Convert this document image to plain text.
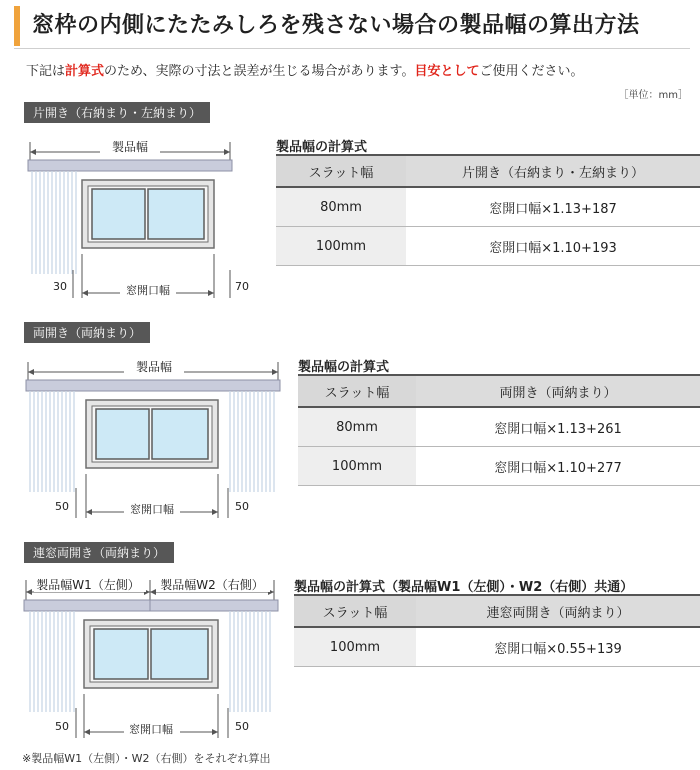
窓枠の内側にたたみしろを残さない場合の製品幅の算出方法
下記は計算式のため、実際の寸法と誤差が生じる場合があります。目安としてご使用ください。
［単位：mm］
片開き（右納まり・左納まり）
製品幅
30	窓開口幅	70
製品幅の計算式
スラット幅	片開き（右納まり・左納まり）
80mm	窓開口幅×1.13+187
100mm	窓開口幅×1.10+193
両開き（両納まり）
製品幅
50	窓開口幅	50
製品幅の計算式
スラット幅	両開き（両納まり）
80mm	窓開口幅×1.13+261
100mm	窓開口幅×1.10+277
連窓両開き（両納まり）
製品幅W1（左側） 製品幅W2（右側）
50	窓開口幅	50
製品幅の計算式（製品幅W1（左側）・W2（右側）共通）
スラット幅	連窓両開き（両納まり）
100mm	窓開口幅×0.55+139
※製品幅W1（左側）・W2（右側）をそれぞれ算出
